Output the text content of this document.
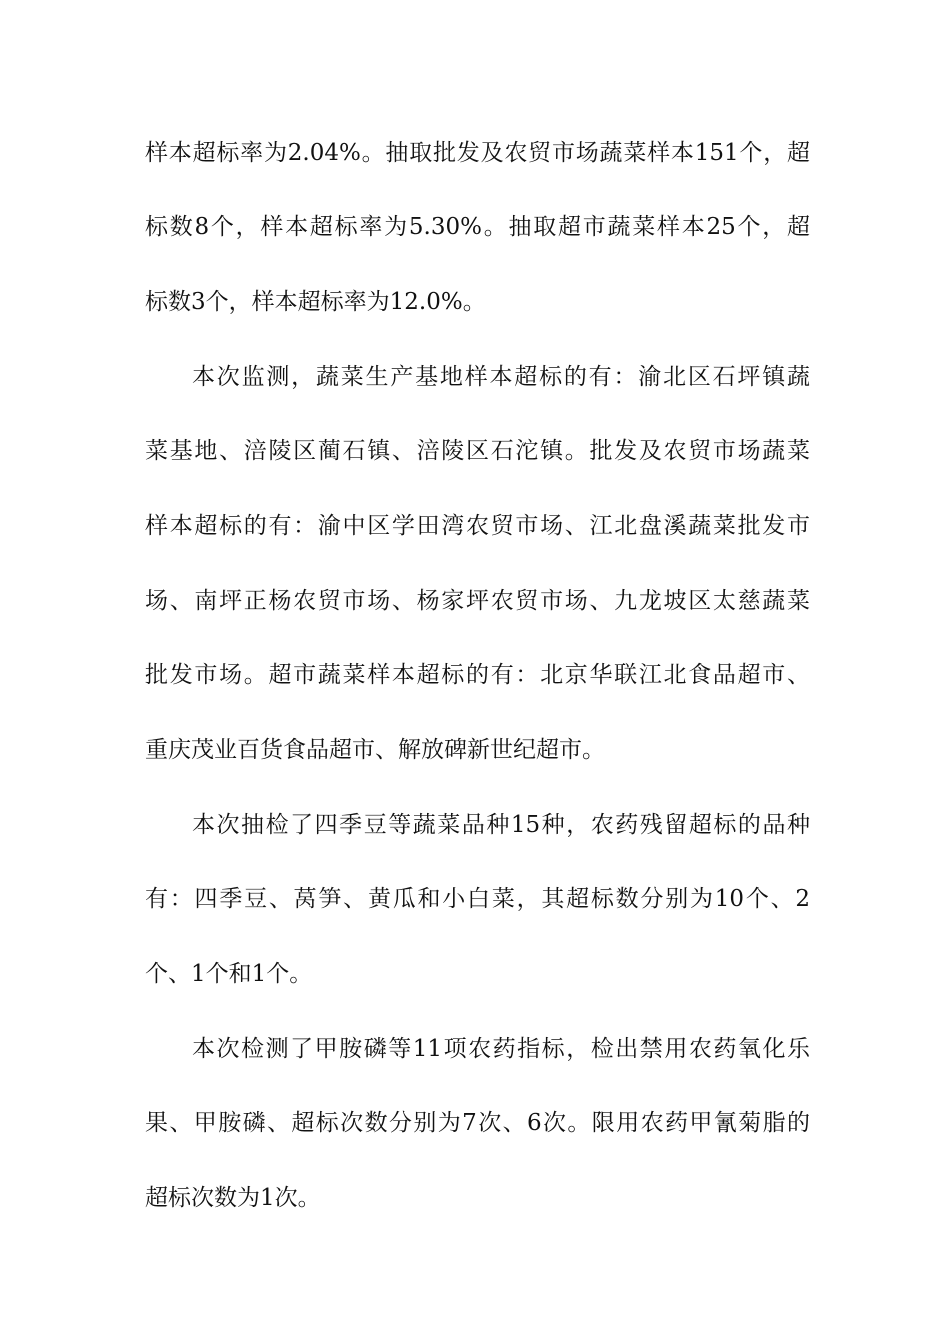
样本超标率为2.04%。抽取批发及农贸市场蔬菜样本151个，超
标数8个，样本超标率为5.30%。抽取超市蔬菜样本25个，超
标数3个，样本超标率为12.0%。
本次监测，蔬菜生产基地样本超标的有：渝北区石坪镇蔬
菜基地、涪陵区蔺石镇、涪陵区石沱镇。批发及农贸市场蔬菜
样本超标的有：渝中区学田湾农贸市场、江北盘溪蔬菜批发市
场、南坪正杨农贸市场、杨家坪农贸市场、九龙坡区太慈蔬菜
批发市场。超市蔬菜样本超标的有：北京华联江北食品超市、
重庆茂业百货食品超市、解放碑新世纪超市。
本次抽检了四季豆等蔬菜品种15种，农药残留超标的品种
有：四季豆、莴笋、黄瓜和小白菜，其超标数分别为10个、2
个、1个和1个。
本次检测了甲胺磷等11项农药指标，检出禁用农药氧化乐
果、甲胺磷、超标次数分别为7次、6次。限用农药甲氰菊脂的
超标次数为1次。
